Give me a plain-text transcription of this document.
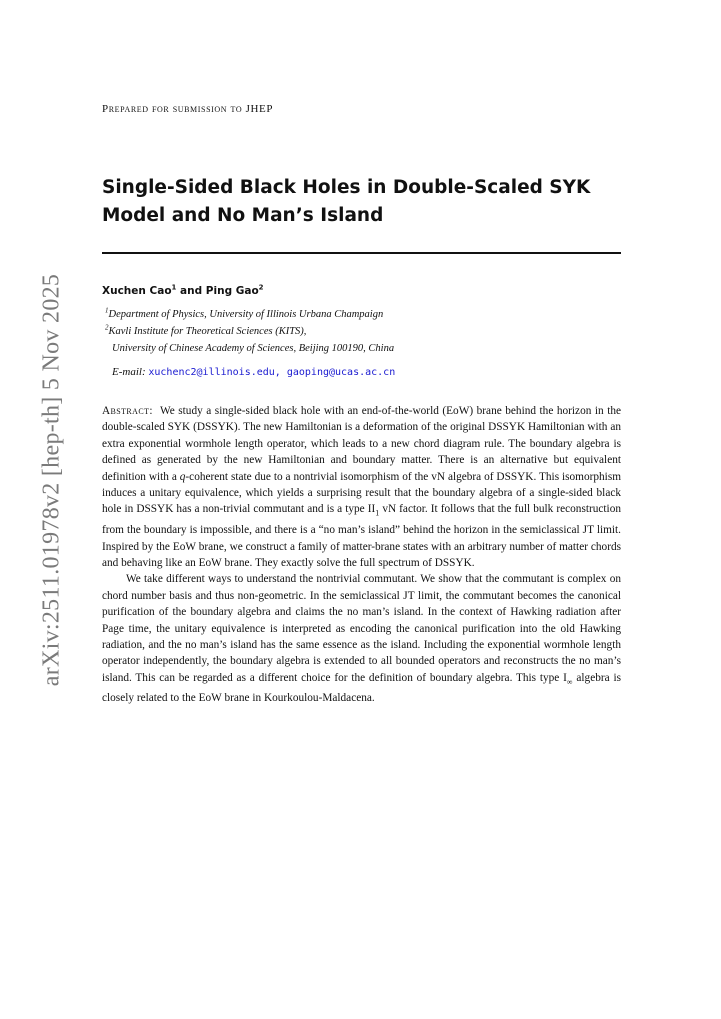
arXiv:2511.01978v2 [hep-th] 5 Nov 2025
Prepared for submission to JHEP
Single-Sided Black Holes in Double-Scaled SYK
Model and No Man’s Island
Xuchen Cao$^1$ and Ping Gao$^2$
$^1$Department of Physics, University of Illinois Urbana Champaign
$^2$Kavli Institute for Theoretical Sciences (KITS),
University of Chinese Academy of Sciences, Beijing 100190, China
E-mail: xuchenc2@illinois.edu, gaoping@ucas.ac.cn

Abstract: We study a single-sided black hole with an end-of-the-world (EoW) brane behind the horizon in the double-scaled SYK (DSSYK). The new Hamiltonian is a deformation of the original DSSYK Hamiltonian with an extra exponential wormhole length operator, which leads to a new chord diagram rule. The boundary algebra is defined as generated by the new Hamiltonian and boundary matter. There is an alternative but equivalent definition with a q-coherent state due to a nontrivial isomorphism of the vN algebra of DSSYK. This isomorphism induces a unitary equivalence, which yields a surprising result that the boundary algebra of a single-sided black hole in DSSYK has a non-trivial commutant and is a type $II_1$ vN factor. It follows that the full bulk reconstruction from the boundary is impossible, and there is a “no man’s island” behind the horizon in the semiclassical JT limit. Inspired by the EoW brane, we construct a family of matter-brane states with an arbitrary number of matter chords and behaving like an EoW brane. They exactly solve the full spectrum of DSSYK.

We take different ways to understand the nontrivial commutant. We show that the commutant is complex on chord number basis and thus non-geometric. In the semiclassical JT limit, the commutant becomes the canonical purification of the boundary algebra and claims the no man’s island. In the context of Hawking radiation after Page time, the unitary equivalence is interpreted as encoding the canonical purification into the old Hawking radiation, and the no man’s island has the same essence as the island. Including the exponential wormhole length operator independently, the boundary algebra is extended to all bounded operators and reconstructs the no man’s island. This can be regarded as a different choice for the definition of boundary algebra. This type $I_\infty$ algebra is closely related to the EoW brane in Kourkoulou-Maldacena.
